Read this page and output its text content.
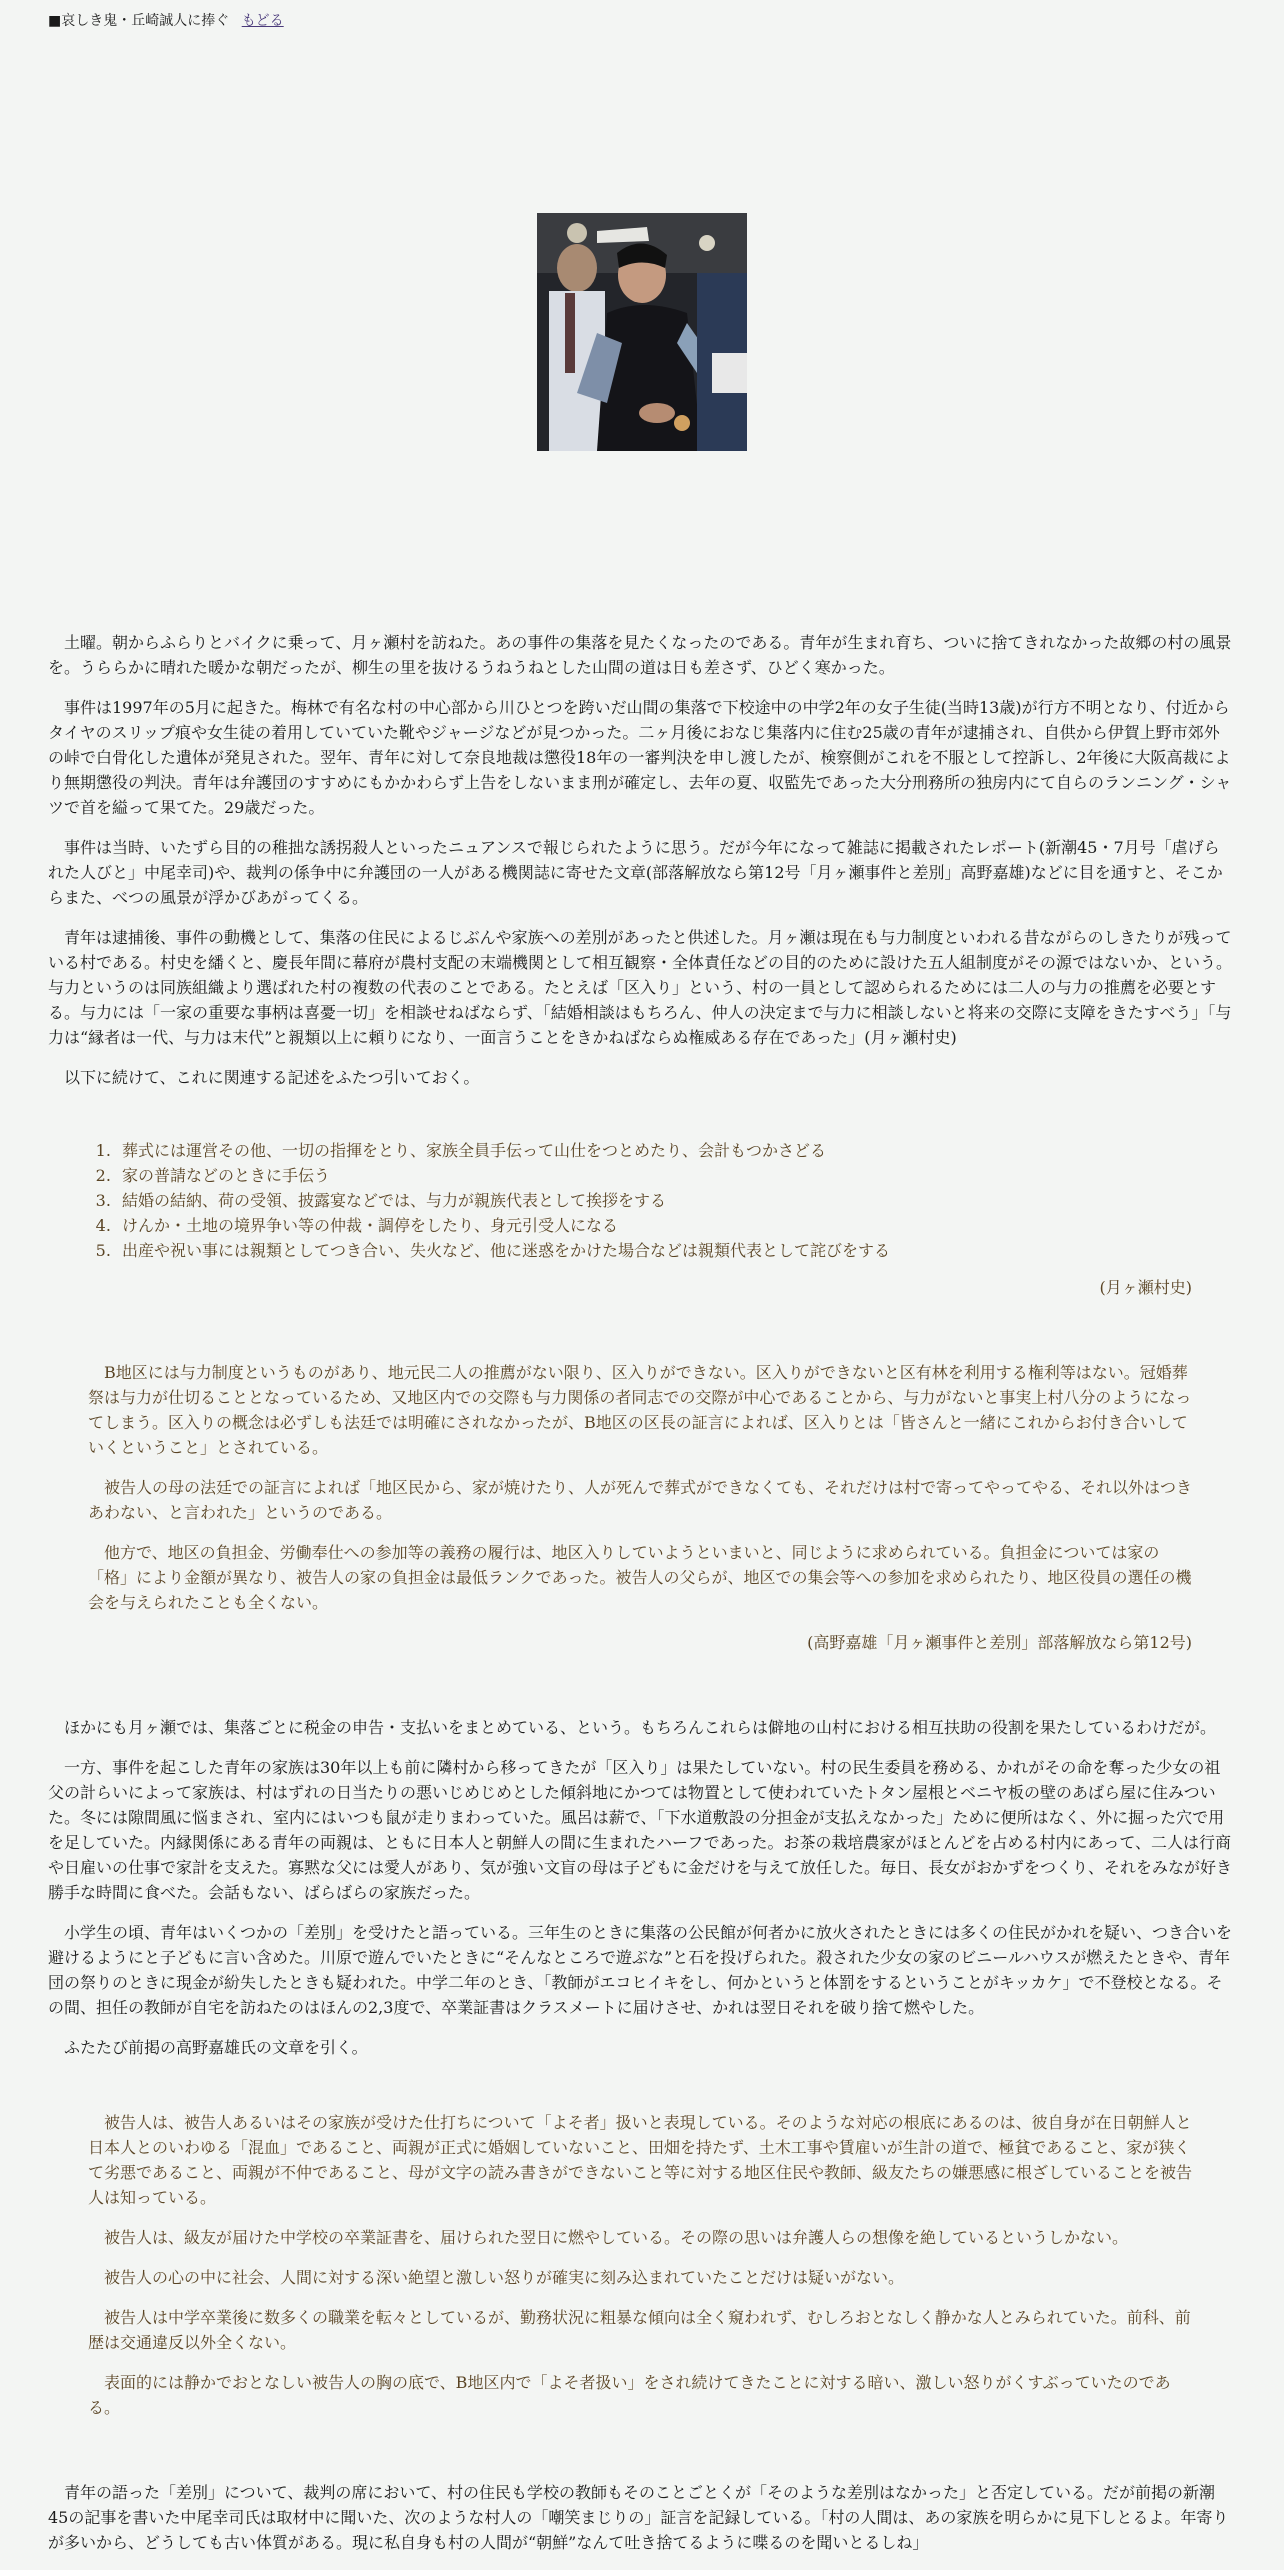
■哀しき鬼・丘崎誠人に捧ぐ もどる

土曜。朝からふらりとバイクに乗って、月ヶ瀬村を訪ねた。あの事件の集落を見たくなったのである。青年が生まれ育ち、ついに捨てきれなかった故郷の村の風景を。うららかに晴れた暖かな朝だったが、柳生の里を抜けるうねうねとした山間の道は日も差さず、ひどく寒かった。

事件は1997年の5月に起きた。梅林で有名な村の中心部から川ひとつを跨いだ山間の集落で下校途中の中学2年の女子生徒(当時13歳)が行方不明となり、付近からタイヤのスリップ痕や女生徒の着用していていた靴やジャージなどが見つかった。二ヶ月後におなじ集落内に住む25歳の青年が逮捕され、自供から伊賀上野市郊外の峠で白骨化した遺体が発見された。翌年、青年に対して奈良地裁は懲役18年の一審判決を申し渡したが、検察側がこれを不服として控訴し、2年後に大阪高裁により無期懲役の判決。青年は弁護団のすすめにもかかわらず上告をしないまま刑が確定し、去年の夏、収監先であった大分刑務所の独房内にて自らのランニング・シャツで首を縊って果てた。29歳だった。

事件は当時、いたずら目的の稚拙な誘拐殺人といったニュアンスで報じられたように思う。だが今年になって雑誌に掲載されたレポート(新潮45・7月号「虐げられた人びと」中尾幸司)や、裁判の係争中に弁護団の一人がある機関誌に寄せた文章(部落解放なら第12号「月ヶ瀬事件と差別」高野嘉雄)などに目を通すと、そこからまた、べつの風景が浮かびあがってくる。

青年は逮捕後、事件の動機として、集落の住民によるじぶんや家族への差別があったと供述した。月ヶ瀬は現在も与力制度といわれる昔ながらのしきたりが残っている村である。村史を繙くと、慶長年間に幕府が農村支配の末端機関として相互観察・全体責任などの目的のために設けた五人組制度がその源ではないか、という。与力というのは同族組織より選ばれた村の複数の代表のことである。たとえば「区入り」という、村の一員として認められるためには二人の与力の推薦を必要とする。与力には「一家の重要な事柄は喜憂一切」を相談せねばならず、「結婚相談はもちろん、仲人の決定まで与力に相談しないと将来の交際に支障をきたすべう」「与力は“縁者は一代、与力は末代”と親類以上に頼りになり、一面言うことをきかねばならぬ権威ある存在であった」(月ヶ瀬村史)

以下に続けて、これに関連する記述をふたつ引いておく。

1. 葬式には運営その他、一切の指揮をとり、家族全員手伝って山仕をつとめたり、会計もつかさどる
2. 家の普請などのときに手伝う
3. 結婚の結納、荷の受領、披露宴などでは、与力が親族代表として挨拶をする
4. けんか・土地の境界争い等の仲裁・調停をしたり、身元引受人になる
5. 出産や祝い事には親類としてつき合い、失火など、他に迷惑をかけた場合などは親類代表として詫びをする
(月ヶ瀬村史)

B地区には与力制度というものがあり、地元民二人の推薦がない限り、区入りができない。区入りができないと区有林を利用する権利等はない。冠婚葬祭は与力が仕切ることとなっているため、又地区内での交際も与力関係の者同志での交際が中心であることから、与力がないと事実上村八分のようになってしまう。区入りの概念は必ずしも法廷では明確にされなかったが、B地区の区長の証言によれば、区入りとは「皆さんと一緒にこれからお付き合いしていくということ」とされている。

被告人の母の法廷での証言によれば「地区民から、家が焼けたり、人が死んで葬式ができなくても、それだけは村で寄ってやってやる、それ以外はつきあわない、と言われた」というのである。

他方で、地区の負担金、労働奉仕への参加等の義務の履行は、地区入りしていようといまいと、同じように求められている。負担金については家の「格」により金額が異なり、被告人の家の負担金は最低ランクであった。被告人の父らが、地区での集会等への参加を求められたり、地区役員の選任の機会を与えられたことも全くない。

(高野嘉雄「月ヶ瀬事件と差別」部落解放なら第12号)

ほかにも月ヶ瀬では、集落ごとに税金の申告・支払いをまとめている、という。もちろんこれらは僻地の山村における相互扶助の役割を果たしているわけだが。

一方、事件を起こした青年の家族は30年以上も前に隣村から移ってきたが「区入り」は果たしていない。村の民生委員を務める、かれがその命を奪った少女の祖父の計らいによって家族は、村はずれの日当たりの悪いじめじめとした傾斜地にかつては物置として使われていたトタン屋根とベニヤ板の壁のあばら屋に住みついた。冬には隙間風に悩まされ、室内にはいつも鼠が走りまわっていた。風呂は薪で、「下水道敷設の分担金が支払えなかった」ために便所はなく、外に掘った穴で用を足していた。内縁関係にある青年の両親は、ともに日本人と朝鮮人の間に生まれたハーフであった。お茶の栽培農家がほとんどを占める村内にあって、二人は行商や日雇いの仕事で家計を支えた。寡黙な父には愛人があり、気が強い文盲の母は子どもに金だけを与えて放任した。毎日、長女がおかずをつくり、それをみなが好き勝手な時間に食べた。会話もない、ばらばらの家族だった。

小学生の頃、青年はいくつかの「差別」を受けたと語っている。三年生のときに集落の公民館が何者かに放火されたときには多くの住民がかれを疑い、つき合いを避けるようにと子どもに言い含めた。川原で遊んでいたときに“そんなところで遊ぶな”と石を投げられた。殺された少女の家のビニールハウスが燃えたときや、青年団の祭りのときに現金が紛失したときも疑われた。中学二年のとき、「教師がエコヒイキをし、何かというと体罰をするということがキッカケ」で不登校となる。その間、担任の教師が自宅を訪ねたのはほんの2,3度で、卒業証書はクラスメートに届けさせ、かれは翌日それを破り捨て燃やした。

ふたたび前掲の高野嘉雄氏の文章を引く。

被告人は、被告人あるいはその家族が受けた仕打ちについて「よそ者」扱いと表現している。そのような対応の根底にあるのは、彼自身が在日朝鮮人と日本人とのいわゆる「混血」であること、両親が正式に婚姻していないこと、田畑を持たず、土木工事や賃雇いが生計の道で、極貧であること、家が狭くて劣悪であること、両親が不仲であること、母が文字の読み書きができないこと等に対する地区住民や教師、級友たちの嫌悪感に根ざしていることを被告人は知っている。

被告人は、級友が届けた中学校の卒業証書を、届けられた翌日に燃やしている。その際の思いは弁護人らの想像を絶しているというしかない。

被告人の心の中に社会、人間に対する深い絶望と激しい怒りが確実に刻み込まれていたことだけは疑いがない。

被告人は中学卒業後に数多くの職業を転々としているが、勤務状況に粗暴な傾向は全く窺われず、むしろおとなしく静かな人とみられていた。前科、前歴は交通違反以外全くない。

表面的には静かでおとなしい被告人の胸の底で、B地区内で「よそ者扱い」をされ続けてきたことに対する暗い、激しい怒りがくすぶっていたのである。

青年の語った「差別」について、裁判の席において、村の住民も学校の教師もそのことごとくが「そのような差別はなかった」と否定している。だが前掲の新潮45の記事を書いた中尾幸司氏は取材中に聞いた、次のような村人の「嘲笑まじりの」証言を記録している。「村の人間は、あの家族を明らかに見下しとるよ。年寄りが多いから、どうしても古い体質がある。現に私自身も村の人間が“朝鮮”なんて吐き捨てるように喋るのを聞いとるしね」
